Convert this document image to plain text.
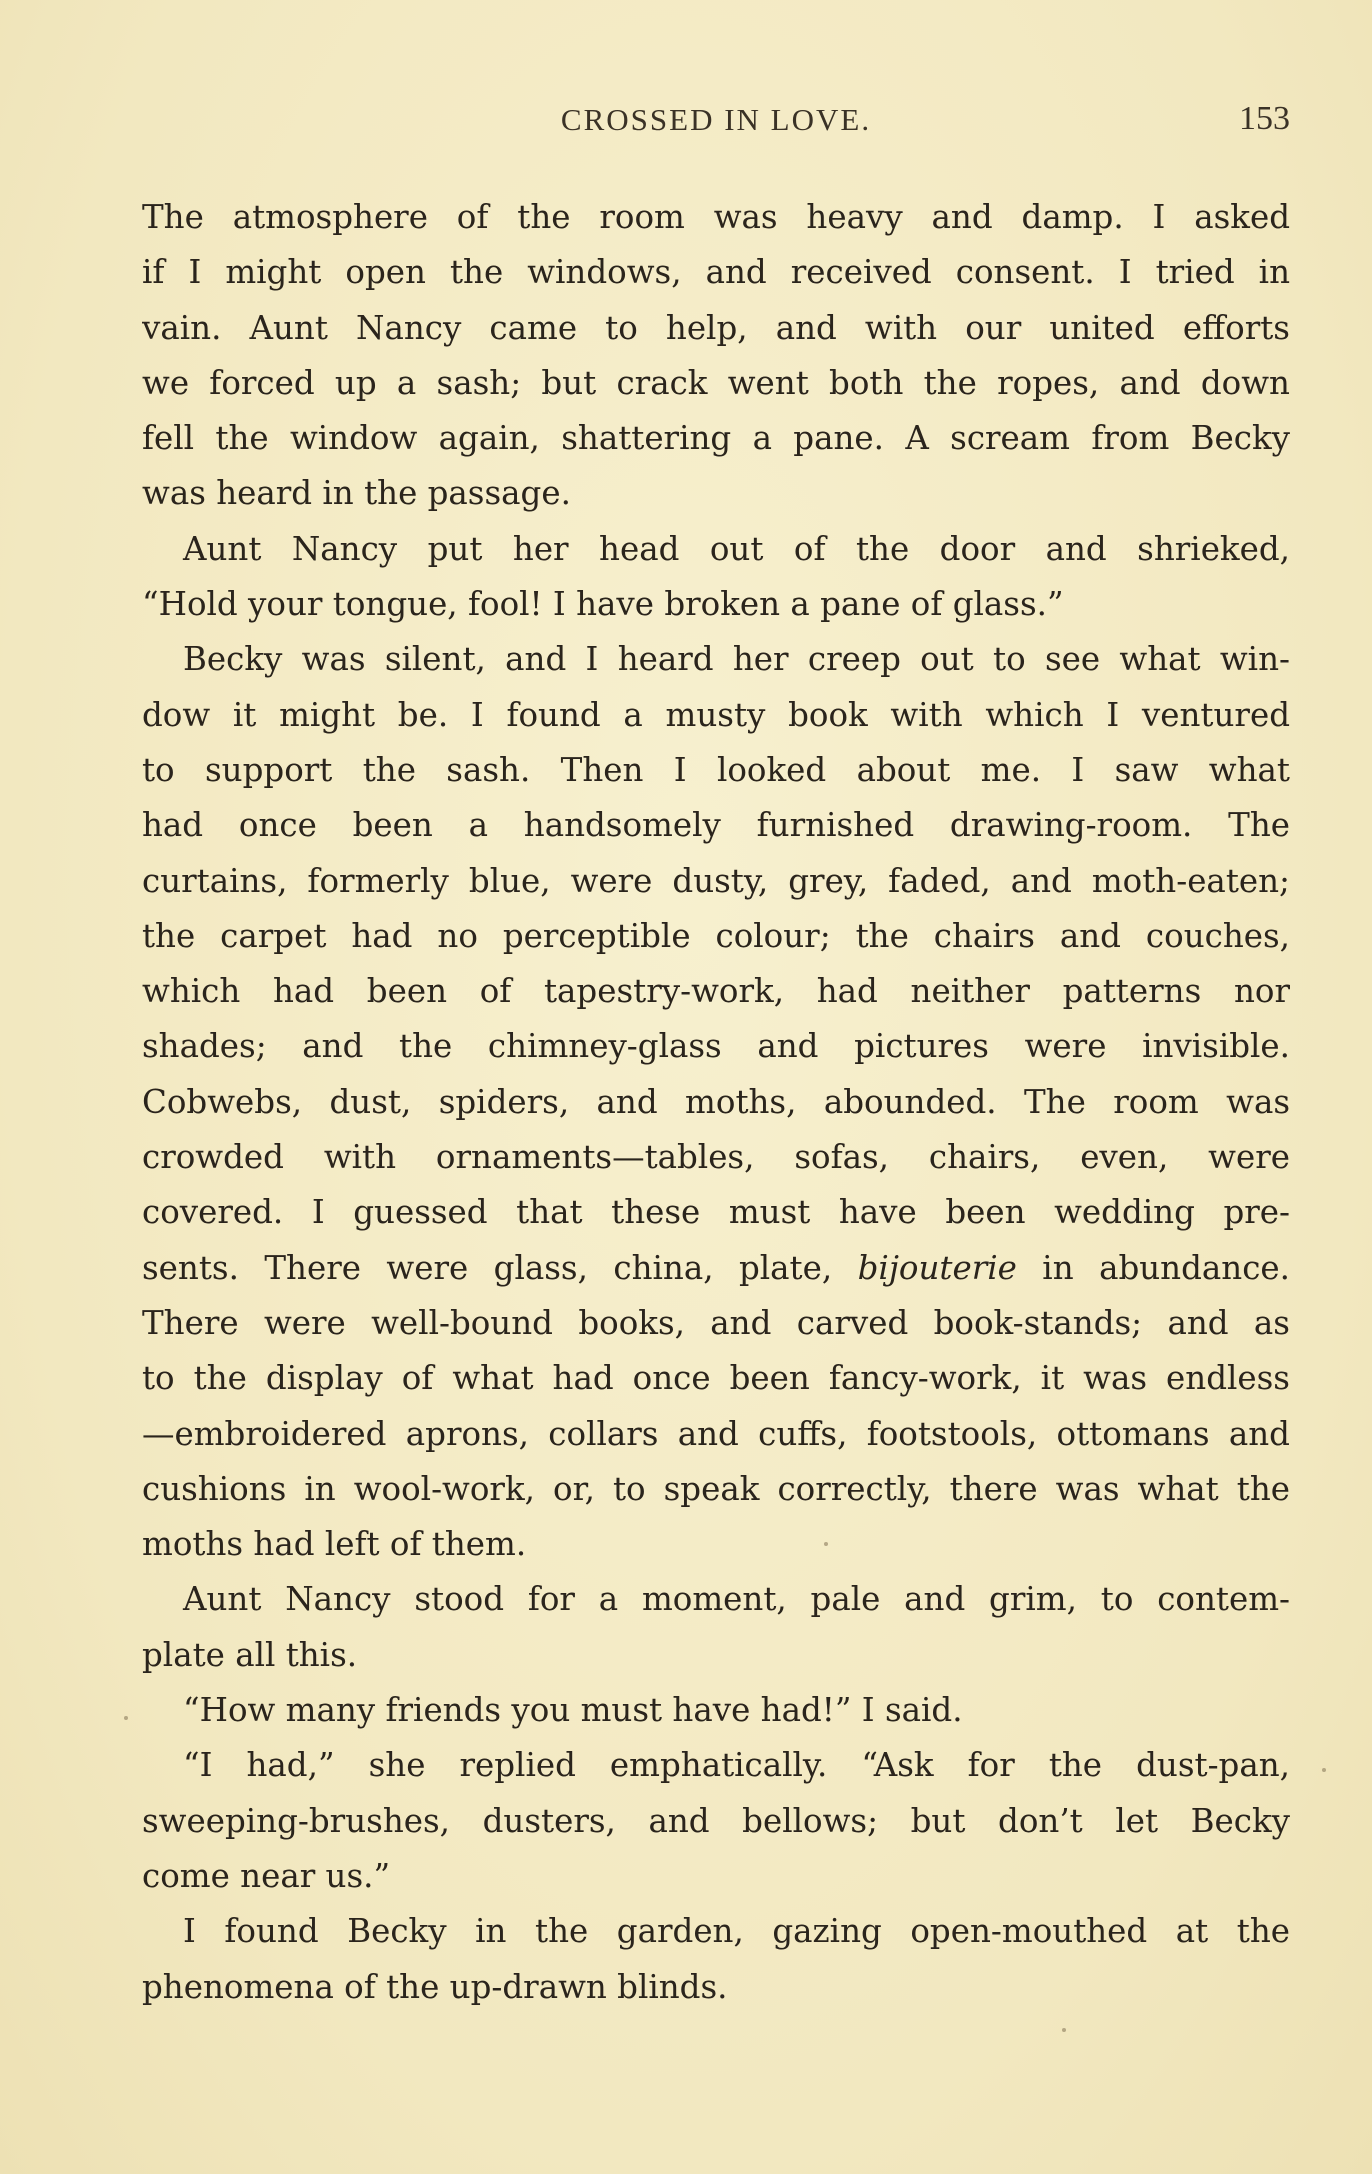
CROSSED IN LOVE.	153
The atmosphere of the room was heavy and damp. I asked
if I might open the windows, and received consent. I tried in
vain. Aunt Nancy came to help, and with our united efforts
we forced up a sash; but crack went both the ropes, and down
fell the window again, shattering a pane. A scream from Becky
was heard in the passage.
Aunt Nancy put her head out of the door and shrieked,
“Hold your tongue, fool! I have broken a pane of glass.”
Becky was silent, and I heard her creep out to see what win-
dow it might be. I found a musty book with which I ventured
to support the sash. Then I looked about me. I saw what
had once been a handsomely furnished drawing-room. The
curtains, formerly blue, were dusty, grey, faded, and moth-eaten;
the carpet had no perceptible colour; the chairs and couches,
which had been of tapestry-work, had neither patterns nor
shades; and the chimney-glass and pictures were invisible.
Cobwebs, dust, spiders, and moths, abounded. The room was
crowded with ornaments—tables, sofas, chairs, even, were
covered. I guessed that these must have been wedding pre-
sents. There were glass, china, plate, bijouterie in abundance.
There were well-bound books, and carved book-stands; and as
to the display of what had once been fancy-work, it was endless
—embroidered aprons, collars and cuffs, footstools, ottomans and
cushions in wool-work, or, to speak correctly, there was what the
moths had left of them.
Aunt Nancy stood for a moment, pale and grim, to contem-
plate all this.
“How many friends you must have had!” I said.
“I had,” she replied emphatically. “Ask for the dust-pan,
sweeping-brushes, dusters, and bellows; but don’t let Becky
come near us.”
I found Becky in the garden, gazing open-mouthed at the
phenomena of the up-drawn blinds.
